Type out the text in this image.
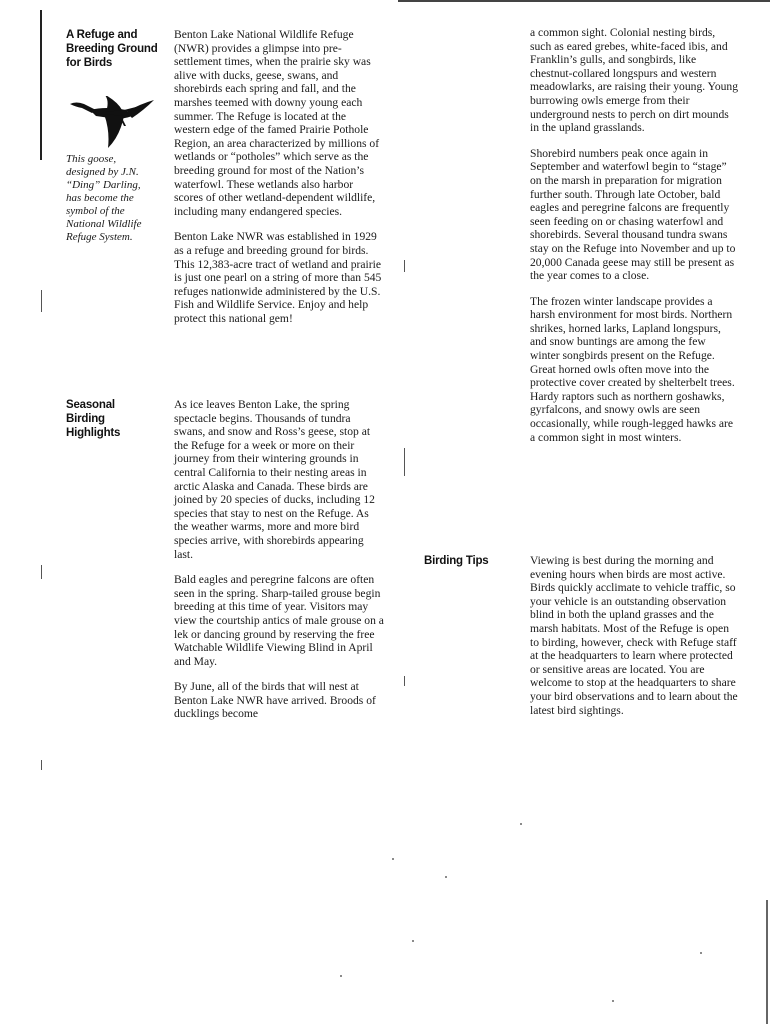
A Refuge and
Breeding Ground
for Birds
This goose,
designed by J.N.
“Ding” Darling,
has become the
symbol of the
National Wildlife
Refuge System.

Benton Lake National Wildlife Refuge (NWR) provides a glimpse into pre-settlement times, when the prairie sky was alive with ducks, geese, swans, and shorebirds each spring and fall, and the marshes teemed with downy young each summer. The Refuge is located at the western edge of the famed Prairie Pothole Region, an area characterized by millions of wetlands or “potholes” which serve as the breeding ground for most of the Nation’s waterfowl. These wetlands also harbor scores of other wetland-dependent wildlife, including many endangered species.

Benton Lake NWR was established in 1929 as a refuge and breeding ground for birds. This 12,383-acre tract of wetland and prairie is just one pearl on a string of more than 545 refuges nationwide administered by the U.S. Fish and Wildlife Service. Enjoy and help protect this national gem!

Seasonal
Birding
Highlights

As ice leaves Benton Lake, the spring spectacle begins. Thousands of tundra swans, and snow and Ross’s geese, stop at the Refuge for a week or more on their journey from their wintering grounds in central California to their nesting areas in arctic Alaska and Canada. These birds are joined by 20 species of ducks, including 12 species that stay to nest on the Refuge. As the weather warms, more and more bird species arrive, with shorebirds appearing last.

Bald eagles and peregrine falcons are often seen in the spring. Sharp-tailed grouse begin breeding at this time of year. Visitors may view the courtship antics of male grouse on a lek or dancing ground by reserving the free Watchable Wildlife Viewing Blind in April and May.

By June, all of the birds that will nest at Benton Lake NWR have arrived. Broods of ducklings become

a common sight. Colonial nesting birds, such as eared grebes, white-faced ibis, and Franklin’s gulls, and songbirds, like chestnut-collared longspurs and western meadowlarks, are raising their young. Young burrowing owls emerge from their underground nests to perch on dirt mounds in the upland grasslands.

Shorebird numbers peak once again in September and waterfowl begin to “stage” on the marsh in preparation for migration further south. Through late October, bald eagles and peregrine falcons are frequently seen feeding on or chasing waterfowl and shorebirds. Several thousand tundra swans stay on the Refuge into November and up to 20,000 Canada geese may still be present as the year comes to a close.

The frozen winter landscape provides a harsh environment for most birds. Northern shrikes, horned larks, Lapland longspurs, and snow buntings are among the few winter songbirds present on the Refuge. Great horned owls often move into the protective cover created by shelterbelt trees. Hardy raptors such as northern goshawks, gyrfalcons, and snowy owls are seen occasionally, while rough-legged hawks are a common sight in most winters.

Birding Tips	Viewing is best during the morning and evening hours when birds are most active. Birds quickly acclimate to vehicle traffic, so your vehicle is an outstanding observation blind in both the upland grasses and the marsh habitats. Most of the Refuge is open to birding, however, check with Refuge staff at the headquarters to learn where protected or sensitive areas are located. You are welcome to stop at the headquarters to share your bird observations and to learn about the latest bird sightings.
